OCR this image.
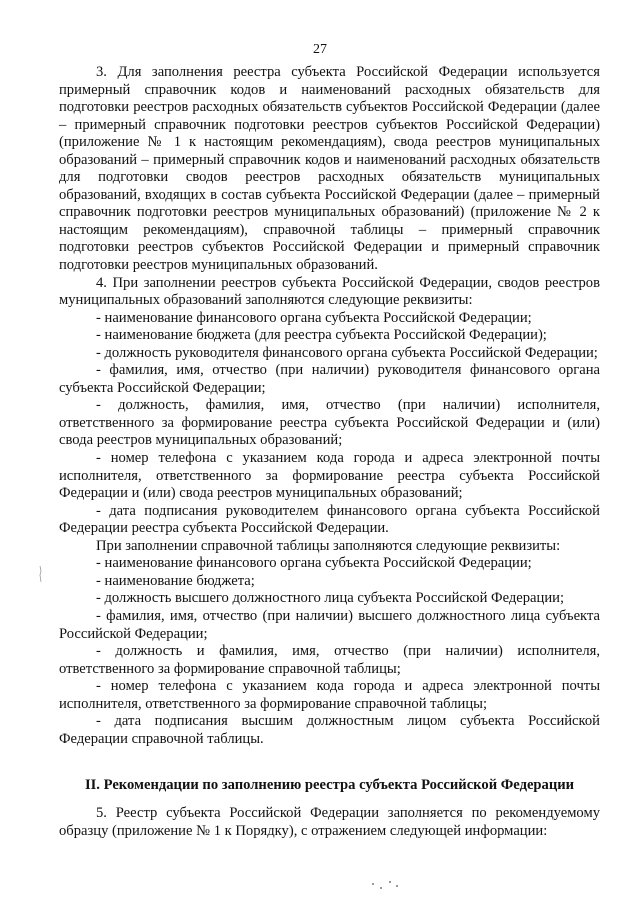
27

3. Для заполнения реестра субъекта Российской Федерации используется примерный справочник кодов и наименований расходных обязательств для подготовки реестров расходных обязательств субъектов Российской Федерации (далее – примерный справочник подготовки реестров субъектов Российской Федерации) (приложение № 1 к настоящим рекомендациям), свода реестров муниципальных образований – примерный справочник кодов и наименований расходных обязательств для подготовки сводов реестров расходных обязательств муниципальных образований, входящих в состав субъекта Российской Федерации (далее – примерный справочник подготовки реестров муниципальных образований) (приложение № 2 к настоящим рекомендациям), справочной таблицы – примерный справочник подготовки реестров субъектов Российской Федерации и примерный справочник подготовки реестров муниципальных образований.

4. При заполнении реестров субъекта Российской Федерации, сводов реестров муниципальных образований заполняются следующие реквизиты:

- наименование финансового органа субъекта Российской Федерации;

- наименование бюджета (для реестра субъекта Российской Федерации);

- должность руководителя финансового органа субъекта Российской Федерации;

- фамилия, имя, отчество (при наличии) руководителя финансового органа субъекта Российской Федерации;

- должность, фамилия, имя, отчество (при наличии) исполнителя, ответственного за формирование реестра субъекта Российской Федерации и (или) свода реестров муниципальных образований;

- номер телефона с указанием кода города и адреса электронной почты исполнителя, ответственного за формирование реестра субъекта Российской Федерации и (или) свода реестров муниципальных образований;

- дата подписания руководителем финансового органа субъекта Российской Федерации реестра субъекта Российской Федерации.

При заполнении справочной таблицы заполняются следующие реквизиты:

- наименование финансового органа субъекта Российской Федерации;

- наименование бюджета;

- должность высшего должностного лица субъекта Российской Федерации;

- фамилия, имя, отчество (при наличии) высшего должностного лица субъекта Российской Федерации;

- должность и фамилия, имя, отчество (при наличии) исполнителя, ответственного за формирование справочной таблицы;

- номер телефона с указанием кода города и адреса электронной почты исполнителя, ответственного за формирование справочной таблицы;

- дата подписания высшим должностным лицом субъекта Российской Федерации справочной таблицы.

II. Рекомендации по заполнению реестра субъекта Российской Федерации

5. Реестр субъекта Российской Федерации заполняется по рекомендуемому образцу (приложение № 1 к Порядку), с отражением следующей информации:
